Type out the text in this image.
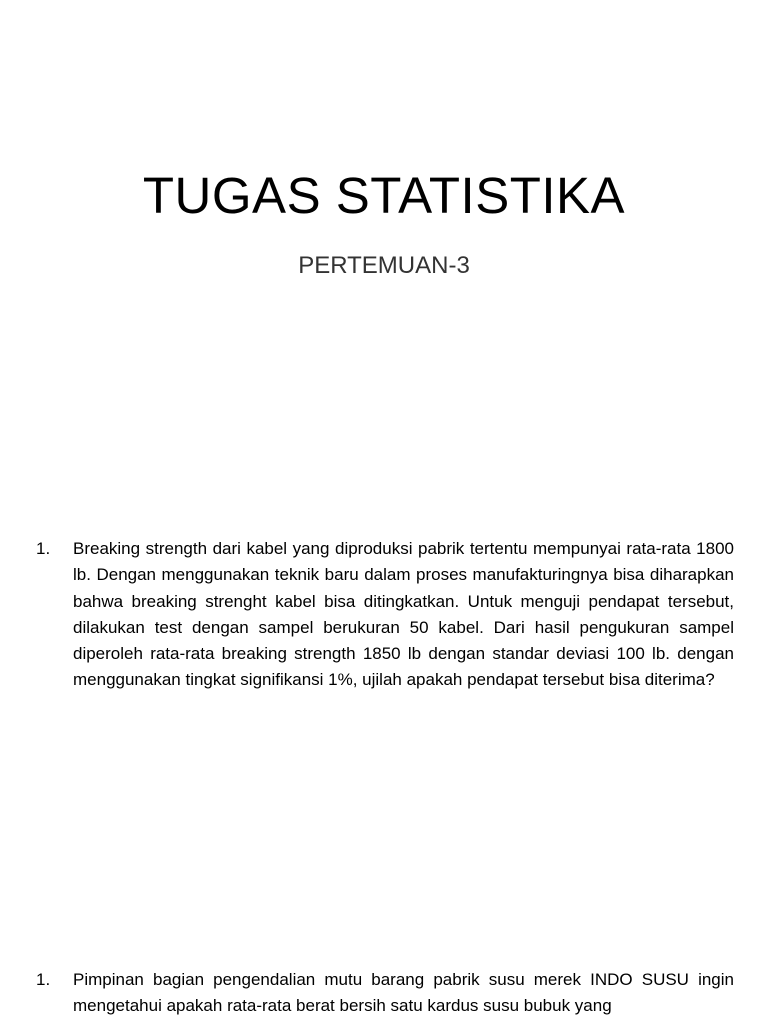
TUGAS STATISTIKA
PERTEMUAN-3
1.	Breaking strength dari kabel yang diproduksi pabrik tertentu mempunyai rata-rata 1800 lb. Dengan menggunakan teknik baru dalam proses manufakturingnya bisa diharapkan bahwa breaking strenght kabel bisa ditingkatkan. Untuk menguji pendapat tersebut, dilakukan test dengan sampel berukuran 50 kabel. Dari hasil pengukuran sampel diperoleh rata-rata breaking strength 1850 lb dengan standar deviasi 100 lb. dengan menggunakan tingkat signifikansi 1%, ujilah apakah pendapat tersebut bisa diterima?
1.	Pimpinan bagian pengendalian mutu barang pabrik susu merek INDO SUSU ingin mengetahui apakah rata-rata berat bersih satu kardus susu bubuk yang
